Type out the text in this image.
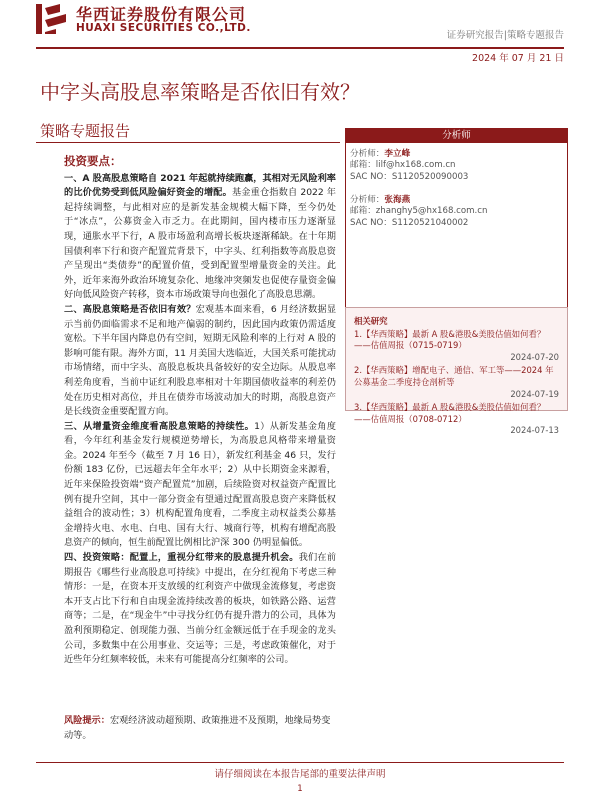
华西证券股份有限公司
HUAXI SECURITIES CO.,LTD.
证券研究报告|策略专题报告
2024 年 07 月 21 日
中字头高股息率策略是否依旧有效？
策略专题报告
投资要点：

一、A 股高股息策略自 2021 年起就持续跑赢，其相对无风险利率的比价优势受到低风险偏好资金的增配。基金重仓指数自 2022 年起持续调整，与此相对应的是新发基金规模大幅下降，至今仍处于“冰点”，公募资金入市乏力。在此期间，国内楼市压力逐渐显现，通胀水平下行，A 股市场盈利高增长板块逐渐稀缺。在十年期国债利率下行和资产配置荒背景下，中字头、红利指数等高股息资产呈现出“类债券”的配置价值，受到配置型增量资金的关注。此外，近年来海外政治环境复杂化、地缘冲突频发也促使存量资金偏好向低风险资产转移，资本市场政策导向也强化了高股息思潮。

二、高股息策略是否依旧有效？宏观基本面来看，6 月经济数据显示当前仍面临需求不足和地产偏弱的制约，因此国内政策仍需适度宽松。下半年国内降息仍有空间，短期无风险利率的上行对 A 股的影响可能有限。海外方面，11 月美国大选临近，大国关系可能扰动市场情绪，而中字头、高股息板块具备较好的安全边际。从股息率利差角度看，当前中证红利股息率相对十年期国债收益率的利差仍处在历史相对高位，并且在债券市场波动加大的时期，高股息资产是长线资金重要配置方向。

三、从增量资金维度看高股息策略的持续性。1）从新发基金角度看，今年红利基金发行规模逆势增长，为高股息风格带来增量资金。2024 年至今（截至 7 月 16 日），新发红利基金 46 只，发行份额 183 亿份，已远超去年全年水平；2）从中长期资金来源看，近年来保险投资端“资产配置荒”加剧，后续险资对权益资产配置比例有提升空间，其中一部分资金有望通过配置高股息资产来降低权益组合的波动性；3）机构配置角度看，二季度主动权益类公募基金增持火电、水电、白电、国有大行、城商行等，机构有增配高股息资产的倾向，恒生前配置比例相比沪深 300 仍明显偏低。

四、投资策略：配置上，重视分红带来的股息提升机会。我们在前期报告《哪些行业高股息可持续》中提出，在分红视角下考虑三种情形：一是，在资本开支放缓的红利资产中做现金流修复，考虑资本开支占比下行和自由现金流持续改善的板块，如铁路公路、运营商等；二是，在“现金牛”中寻找分红仍有提升潜力的公司，具体为盈利预期稳定、创现能力强、当前分红金额远低于在手现金的龙头公司，多数集中在公用事业、交运等；三是，考虑政策催化，对于近些年分红频率较低，未来有可能提高分红频率的公司。

风险提示：宏观经济波动超预期、政策推进不及预期，地缘局势变动等。
分析师
分析师：李立峰
邮箱：lilf@hx168.com.cn
SAC NO：S1120520090003
分析师：张海燕
邮箱：zhanghy5@hx168.com.cn
SAC NO：S1120521040002
相关研究
1.【华西策略】最新 A 股&港股&美股估值如何看？——估值周报（0715-0719）
2024-07-20
2.【华西策略】增配电子、通信、军工等——2024 年公募基金二季度持仓剖析等
2024-07-19
3.【华西策略】最新 A 股&港股&美股估值如何看？——估值周报（0708-0712）
2024-07-13
请仔细阅读在本报告尾部的重要法律声明
1
